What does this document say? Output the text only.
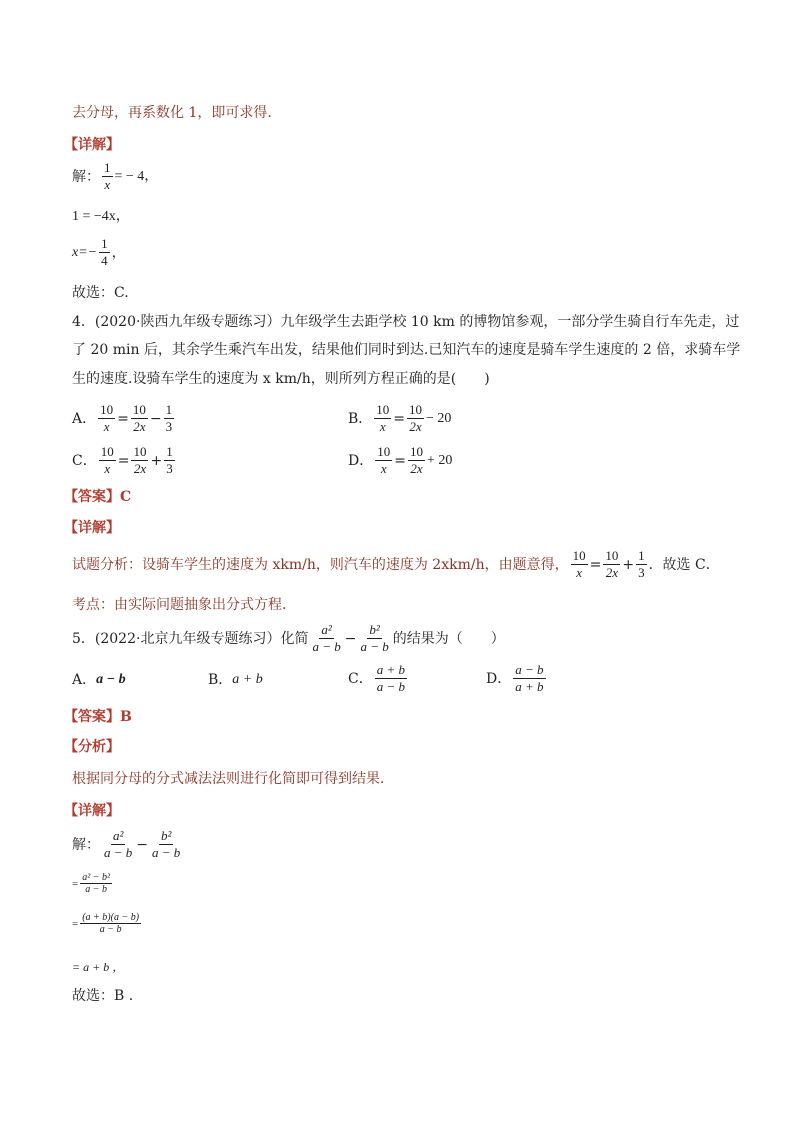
去分母，再系数化 1，即可求得.
【详解】
解： $\frac{1}{x}$ = − 4，
1 = −4x，
$x=- \frac{1}{4}$ ，
故选：C.
4．(2020·陕西九年级专题练习）九年级学生去距学校 10 km 的博物馆参观，一部分学生骑自行车先走，过
了 20 min 后，其余学生乘汽车出发，结果他们同时到达.已知汽车的速度是骑车学生速度的 2 倍，求骑车学
生的速度.设骑车学生的速度为 x km/h，则所列方程正确的是(　　)
A． $\frac{10}{x} = \frac{10}{2x} - \frac{1}{3}$	B． $\frac{10}{x} = \frac{10}{2x} - 20$
C． $\frac{10}{x} = \frac{10}{2x} + \frac{1}{3}$	D． $\frac{10}{x} = \frac{10}{2x} + 20$
【答案】C
【详解】
试题分析：设骑车学生的速度为 xkm/h，则汽车的速度为 2xkm/h，由题意得， $\frac{10}{x} = \frac{10}{2x} + \frac{1}{3}$ ．故选 C．
考点：由实际问题抽象出分式方程．
5．(2022·北京九年级专题练习）化简 $\frac{\text{a²}}{a - b} - \frac{\text{b²}}{a - b}$ 的结果为（　　）
A． a − b	B． a + b	C． $\frac{a + b}{a - b}$	D． $\frac{a - b}{a + b}$
【答案】B
【分析】
根据同分母的分式减法法则进行化简即可得到结果．
【详解】
解： $\frac{\text{a²}}{a - b} - \frac{\text{b²}}{a - b}$
= $\frac{\text{a² − b²}}{a - b}$
= $\frac{(a + b)(a - b)}{a - b}$
= a + b ，
故选：B .
